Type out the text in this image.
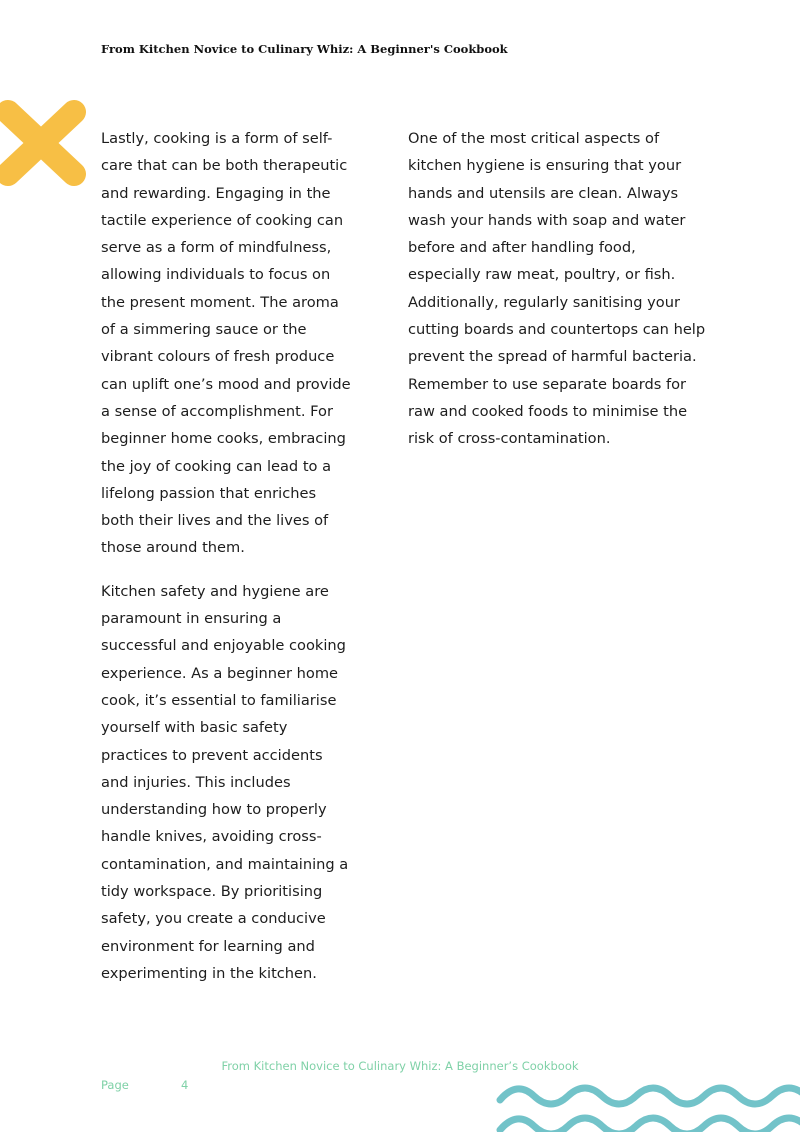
From Kitchen Novice to Culinary Whiz: A Beginner's Cookbook

Lastly, cooking is a form of self-care that can be both therapeutic and rewarding. Engaging in the tactile experience of cooking can serve as a form of mindfulness, allowing individuals to focus on the present moment. The aroma of a simmering sauce or the vibrant colours of fresh produce can uplift one’s mood and provide a sense of accomplishment. For beginner home cooks, embracing the joy of cooking can lead to a lifelong passion that enriches both their lives and the lives of those around them.

Kitchen safety and hygiene are paramount in ensuring a successful and enjoyable cooking experience. As a beginner home cook, it’s essential to familiarise yourself with basic safety practices to prevent accidents and injuries. This includes understanding how to properly handle knives, avoiding cross-contamination, and maintaining a tidy workspace. By prioritising safety, you create a conducive environment for learning and experimenting in the kitchen.

One of the most critical aspects of kitchen hygiene is ensuring that your hands and utensils are clean. Always wash your hands with soap and water before and after handling food, especially raw meat, poultry, or fish. Additionally, regularly sanitising your cutting boards and countertops can help prevent the spread of harmful bacteria. Remember to use separate boards for raw and cooked foods to minimise the risk of cross-contamination.

From Kitchen Novice to Culinary Whiz: A Beginner’s Cookbook
Page	4
